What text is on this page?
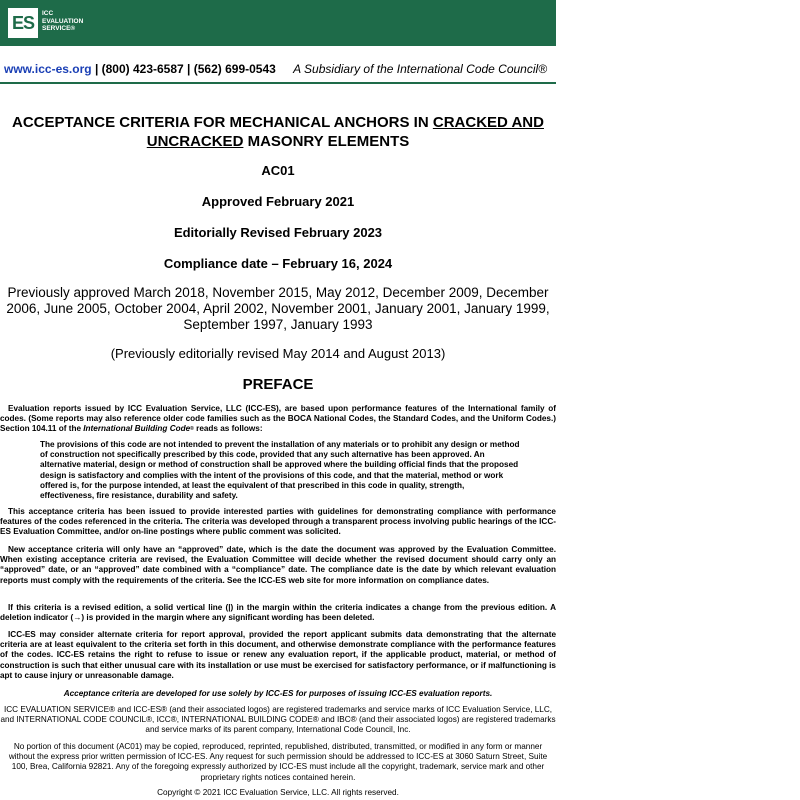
ES	ICC
EVALUATION
SERVICE®
www.icc-es.org | (800) 423-6587 | (562) 699-0543 A Subsidiary of the International Code Council®
ACCEPTANCE CRITERIA FOR MECHANICAL ANCHORS IN CRACKED AND
UNCRACKED MASONRY ELEMENTS
AC01
Approved February 2021
Editorially Revised February 2023
Compliance date – February 16, 2024
Previously approved March 2018, November 2015, May 2012, December 2009, December 2006, June 2005, October 2004, April 2002, November 2001, January 2001, January 1999, September 1997, January 1993
(Previously editorially revised May 2014 and August 2013)
PREFACE
Evaluation reports issued by ICC Evaluation Service, LLC (ICC-ES), are based upon performance features of the International family of codes. (Some reports may also reference older code families such as the BOCA National Codes, the Standard Codes, and the Uniform Codes.) Section 104.11 of the International Building Code® reads as follows:
The provisions of this code are not intended to prevent the installation of any materials or to prohibit any design or method of construction not specifically prescribed by this code, provided that any such alternative has been approved. An alternative material, design or method of construction shall be approved where the building official finds that the proposed design is satisfactory and complies with the intent of the provisions of this code, and that the material, method or work offered is, for the purpose intended, at least the equivalent of that prescribed in this code in quality, strength, effectiveness, fire resistance, durability and safety.
This acceptance criteria has been issued to provide interested parties with guidelines for demonstrating compliance with performance features of the codes referenced in the criteria. The criteria was developed through a transparent process involving public hearings of the ICC-ES Evaluation Committee, and/or on-line postings where public comment was solicited.
New acceptance criteria will only have an “approved” date, which is the date the document was approved by the Evaluation Committee. When existing acceptance criteria are revised, the Evaluation Committee will decide whether the revised document should carry only an “approved” date, or an “approved” date combined with a “compliance” date. The compliance date is the date by which relevant evaluation reports must comply with the requirements of the criteria. See the ICC-ES web site for more information on compliance dates.
If this criteria is a revised edition, a solid vertical line (|) in the margin within the criteria indicates a change from the previous edition. A deletion indicator (→) is provided in the margin where any significant wording has been deleted.
ICC-ES may consider alternate criteria for report approval, provided the report applicant submits data demonstrating that the alternate criteria are at least equivalent to the criteria set forth in this document, and otherwise demonstrate compliance with the performance features of the codes. ICC-ES retains the right to refuse to issue or renew any evaluation report, if the applicable product, material, or method of construction is such that either unusual care with its installation or use must be exercised for satisfactory performance, or if malfunctioning is apt to cause injury or unreasonable damage.
Acceptance criteria are developed for use solely by ICC-ES for purposes of issuing ICC-ES evaluation reports.
ICC EVALUATION SERVICE® and ICC-ES® (and their associated logos) are registered trademarks and service marks of ICC Evaluation Service, LLC, and INTERNATIONAL CODE COUNCIL®, ICC®, INTERNATIONAL BUILDING CODE® and IBC® (and their associated logos) are registered trademarks and service marks of its parent company, International Code Council, Inc.
No portion of this document (AC01) may be copied, reproduced, reprinted, republished, distributed, transmitted, or modified in any form or manner without the express prior written permission of ICC-ES. Any request for such permission should be addressed to ICC-ES at 3060 Saturn Street, Suite 100, Brea, California 92821. Any of the foregoing expressly authorized by ICC-ES must include all the copyright, trademark, service mark and other proprietary rights notices contained herein.
Copyright © 2021 ICC Evaluation Service, LLC. All rights reserved.
